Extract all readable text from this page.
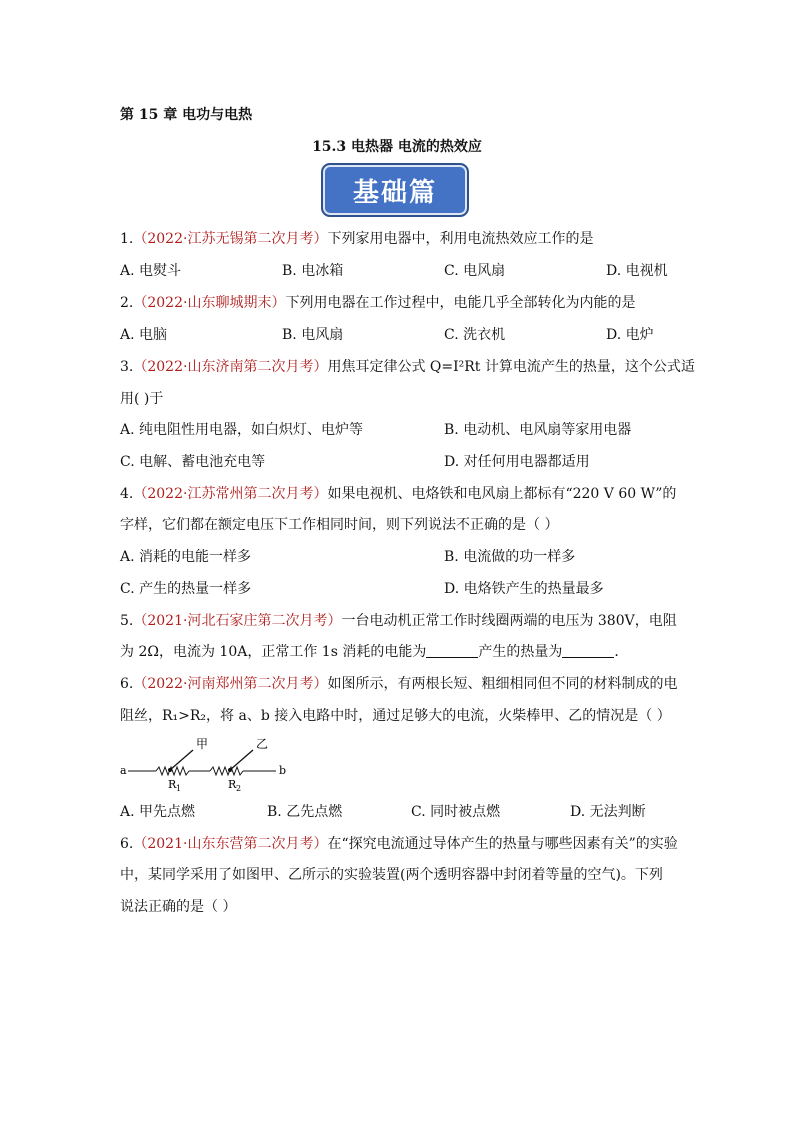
第 15 章 电功与电热
15.3 电热器 电流的热效应
基础篇
1.（2022·江苏无锡第二次月考）下列家用电器中，利用电流热效应工作的是
A. 电熨斗	B. 电冰箱	C. 电风扇	D. 电视机
2.（2022·山东聊城期末）下列用电器在工作过程中，电能几乎全部转化为内能的是
A. 电脑	B. 电风扇	C. 洗衣机	D. 电炉
3.（2022·山东济南第二次月考）用焦耳定律公式 Q=I²Rt 计算电流产生的热量，这个公式适
用( )于
A. 纯电阻性用电器，如白炽灯、电炉等	B. 电动机、电风扇等家用电器
C. 电解、蓄电池充电等	D. 对任何用电器都适用
4.（2022·江苏常州第二次月考）如果电视机、电烙铁和电风扇上都标有“220 V 60 W”的
字样，它们都在额定电压下工作相同时间，则下列说法不正确的是（ ）
A. 消耗的电能一样多	B. 电流做的功一样多
C. 产生的热量一样多	D. 电烙铁产生的热量最多
5.（2021·河北石家庄第二次月考）一台电动机正常工作时线圈两端的电压为 380V，电阻
为 2Ω，电流为 10A，正常工作 1s 消耗的电能为	产生的热量为	．
6.（2022·河南郑州第二次月考）如图所示，有两根长短、粗细相同但不同的材料制成的电
阻丝，R₁>R₂，将 a、b 接入电路中时，通过足够大的电流，火柴棒甲、乙的情况是（ ）
a	b
甲	乙
R 1	R 2
A. 甲先点燃	B. 乙先点燃	C. 同时被点燃	D. 无法判断
6.（2021·山东东营第二次月考）在“探究电流通过导体产生的热量与哪些因素有关”的实验
中，某同学采用了如图甲、乙所示的实验装置(两个透明容器中封闭着等量的空气)。下列
说法正确的是（ ）
